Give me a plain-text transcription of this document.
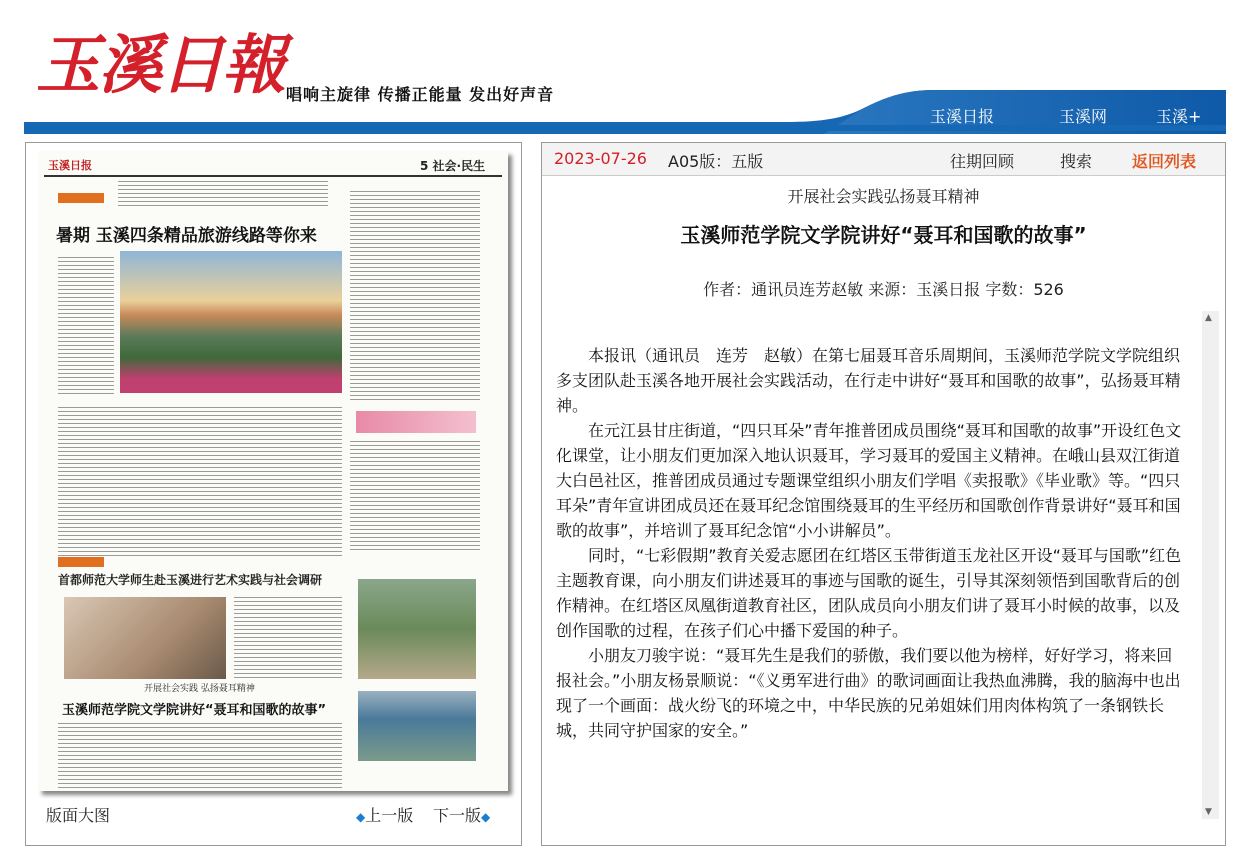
玉溪日報 唱响主旋律 传播正能量 发出好声音
玉溪日报	玉溪网	玉溪+
玉溪日报	5 社会·民生
暑期 玉溪四条精品旅游线路等你来
首都师范大学师生赴玉溪进行艺术实践与社会调研
开展社会实践 弘扬聂耳精神
玉溪师范学院文学院讲好“聂耳和国歌的故事”
版面大图	◆上一版 下一版◆
2023-07-26 A05版：五版	往期回顾	搜索 返回列表
开展社会实践弘扬聂耳精神
玉溪师范学院文学院讲好“聂耳和国歌的故事”
作者：通讯员连芳赵敏 来源：玉溪日报 字数：526

本报讯（通讯员　连芳　赵敏）在第七届聂耳音乐周期间，玉溪师范学院文学院组织多支团队赴玉溪各地开展社会实践活动，在行走中讲好“聂耳和国歌的故事”，弘扬聂耳精神。

在元江县甘庄街道，“四只耳朵”青年推普团成员围绕“聂耳和国歌的故事”开设红色文化课堂，让小朋友们更加深入地认识聂耳，学习聂耳的爱国主义精神。在峨山县双江街道大白邑社区，推普团成员通过专题课堂组织小朋友们学唱《卖报歌》《毕业歌》等。“四只耳朵”青年宣讲团成员还在聂耳纪念馆围绕聂耳的生平经历和国歌创作背景讲好“聂耳和国歌的故事”，并培训了聂耳纪念馆“小小讲解员”。

同时，“七彩假期”教育关爱志愿团在红塔区玉带街道玉龙社区开设“聂耳与国歌”红色主题教育课，向小朋友们讲述聂耳的事迹与国歌的诞生，引导其深刻领悟到国歌背后的创作精神。在红塔区凤凰街道教育社区，团队成员向小朋友们讲了聂耳小时候的故事，以及创作国歌的过程，在孩子们心中播下爱国的种子。

小朋友刀骏宇说：“聂耳先生是我们的骄傲，我们要以他为榜样，好好学习，将来回报社会。”小朋友杨景顺说：“《义勇军进行曲》的歌词画面让我热血沸腾，我的脑海中也出现了一个画面：战火纷飞的环境之中，中华民族的兄弟姐妹们用肉体构筑了一条钢铁长城，共同守护国家的安全。”

▲
▼
